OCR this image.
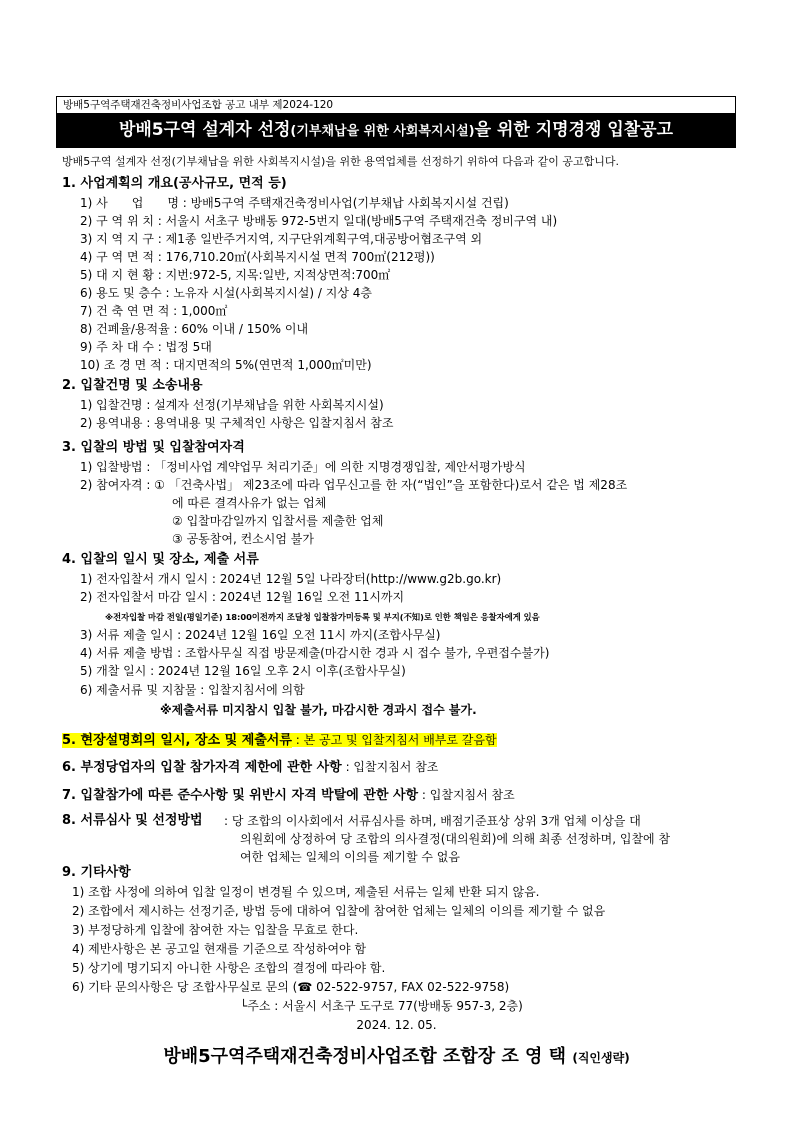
방배5구역주택재건축정비사업조합 공고 내부 제2024-120
방배5구역 설계자 선정(기부채납을 위한 사회복지시설)을 위한 지명경쟁 입찰공고
방배5구역 설계자 선정(기부채납을 위한 사회복지시설)을 위한 용역업체를 선정하기 위하여 다음과 같이 공고합니다.
1. 사업계획의 개요(공사규모, 면적 등)
1) 사　　업　　명 : 방배5구역 주택재건축정비사업(기부채납 사회복지시설 건립)
2) 구 역 위 치 : 서울시 서초구 방배동 972-5번지 일대(방배5구역 주택재건축 정비구역 내)
3) 지 역 지 구 : 제1종 일반주거지역, 지구단위계획구역,대공방어협조구역 외
4) 구 역 면 적 : 176,710.20㎡(사회복지시설 면적 700㎡(212평))
5) 대 지 현 황 : 지번:972-5, 지목:일반, 지적상면적:700㎡
6) 용도 및 층수 : 노유자 시설(사회복지시설) / 지상 4층
7) 건 축 연 면 적 : 1,000㎡
8) 건폐율/용적율 : 60% 이내 / 150% 이내
9) 주 차 대 수 : 법정 5대
10) 조 경 면 적 : 대지면적의 5%(연면적 1,000㎡미만)
2. 입찰건명 및 소송내용
1) 입찰건명 : 설계자 선정(기부채납을 위한 사회복지시설)
2) 용역내용 : 용역내용 및 구체적인 사항은 입찰지침서 참조
3. 입찰의 방법 및 입찰참여자격
1) 입찰방법 : 「정비사업 계약업무 처리기준」에 의한 지명경쟁입찰, 제안서평가방식
2) 참여자격 : ① 「건축사법」 제23조에 따라 업무신고를 한 자(“법인”을 포함한다)로서 같은 법 제28조
에 따른 결격사유가 없는 업체
② 입찰마감일까지 입찰서를 제출한 업체
③ 공동참여, 컨소시엄 불가
4. 입찰의 일시 및 장소, 제출 서류
1) 전자입찰서 개시 일시 : 2024년 12월 5일 나라장터(http://www.g2b.go.kr)
2) 전자입찰서 마감 일시 : 2024년 12월 16일 오전 11시까지
※전자입찰 마감 전일(평일기준) 18:00이전까지 조달청 입찰참가미등록 및 부지(不知)로 인한 책임은 응찰자에게 있음
3) 서류 제출 일시 : 2024년 12월 16일 오전 11시 까지(조합사무실)
4) 서류 제출 방법 : 조합사무실 직접 방문제출(마감시한 경과 시 접수 불가, 우편접수불가)
5) 개찰 일시 : 2024년 12월 16일 오후 2시 이후(조합사무실)
6) 제출서류 및 지참물 : 입찰지침서에 의함
※제출서류 미지참시 입찰 불가, 마감시한 경과시 접수 불가.
5. 현장설명회의 일시, 장소 및 제출서류 : 본 공고 및 입찰지침서 배부로 갈음함
6. 부정당업자의 입찰 참가자격 제한에 관한 사항 : 입찰지침서 참조
7. 입찰참가에 따른 준수사항 및 위반시 자격 박탈에 관한 사항 : 입찰지침서 참조
8. 서류심사 및 선정방법 : 당 조합의 이사회에서 서류심사를 하며, 배점기준표상 상위 3개 업체 이상을 대
의원회에 상정하여 당 조합의 의사결정(대의원회)에 의해 최종 선정하며, 입찰에 참
여한 업체는 일체의 이의를 제기할 수 없음
9. 기타사항
1) 조합 사정에 의하여 입찰 일정이 변경될 수 있으며, 제출된 서류는 일체 반환 되지 않음.
2) 조합에서 제시하는 선정기준, 방법 등에 대하여 입찰에 참여한 업체는 일체의 이의를 제기할 수 없음
3) 부정당하게 입찰에 참여한 자는 입찰을 무효로 한다.
4) 제반사항은 본 공고일 현재를 기준으로 작성하여야 함
5) 상기에 명기되지 아니한 사항은 조합의 결정에 따라야 함.
6) 기타 문의사항은 당 조합사무실로 문의 (☎ 02-522-9757, FAX 02-522-9758)
└주소 : 서울시 서초구 도구로 77(방배동 957-3, 2층)
2024. 12. 05.
방배5구역주택재건축정비사업조합 조합장 조 영 택 (직인생략)
